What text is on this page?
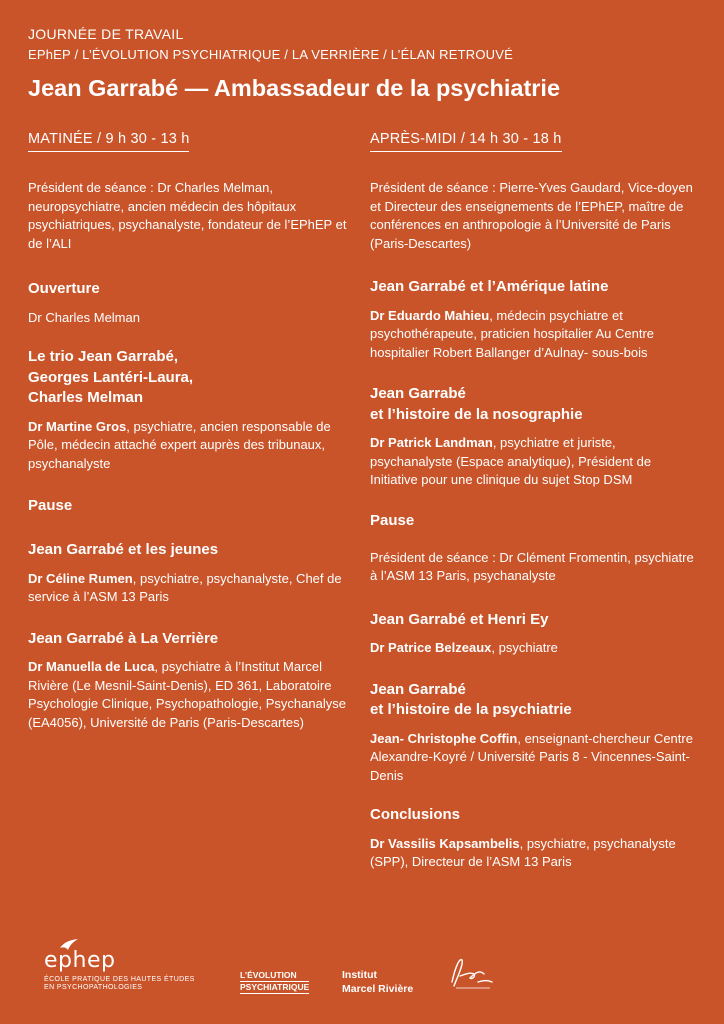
JOURNÉE DE TRAVAIL
EPhEP / L’ÉVOLUTION PSYCHIATRIQUE / LA VERRIÈRE / L’ÉLAN RETROUVÉ
Jean Garrabé — Ambassadeur de la psychiatrie
MATINÉE / 9 h 30 - 13 h
Président de séance : Dr Charles Melman, neuropsychiatre, ancien médecin des hôpitaux psychiatriques, psychanalyste, fondateur de l’EPhEP et de l’ALI
Ouverture
Dr Charles Melman
Le trio Jean Garrabé,
Georges Lantéri-Laura,
Charles Melman
Dr Martine Gros, psychiatre, ancien responsable de Pôle, médecin attaché expert auprès des tribunaux, psychanalyste
Pause
Jean Garrabé et les jeunes
Dr Céline Rumen, psychiatre, psychanalyste, Chef de service à l’ASM 13 Paris
Jean Garrabé à La Verrière
Dr Manuella de Luca, psychiatre à l’Institut Marcel Rivière (Le Mesnil-Saint-Denis), ED 361, Laboratoire Psychologie Clinique, Psychopathologie, Psychanalyse (EA4056), Université de Paris (Paris-Descartes)
APRÈS-MIDI / 14 h 30 - 18 h
Président de séance : Pierre-Yves Gaudard, Vice-doyen et Directeur des enseignements de l’EPhEP, maître de conférences en anthropologie à l’Université de Paris (Paris-Descartes)
Jean Garrabé et l’Amérique latine
Dr Eduardo Mahieu, médecin psychiatre et psychothérapeute, praticien hospitalier Au Centre hospitalier Robert Ballanger d’Aulnay- sous-bois
Jean Garrabé
et l’histoire de la nosographie
Dr Patrick Landman, psychiatre et juriste, psychanalyste (Espace analytique), Président de Initiative pour une clinique du sujet Stop DSM
Pause
Président de séance : Dr Clément Fromentin, psychiatre à l’ASM 13 Paris, psychanalyste
Jean Garrabé et Henri Ey
Dr Patrice Belzeaux, psychiatre
Jean Garrabé
et l’histoire de la psychiatrie
Jean- Christophe Coffin, enseignant-chercheur Centre Alexandre-Koyré / Université Paris 8 - Vincennes-Saint-Denis
Conclusions
Dr Vassilis Kapsambelis, psychiatre, psychanalyste (SPP), Directeur de l’ASM 13 Paris
ephep
ÉCOLE PRATIQUE DES HAUTES ÉTUDES
EN PSYCHOPATHOLOGIES
L’ÉVOLUTION
PSYCHIATRIQUE
Institut
Marcel Rivière
